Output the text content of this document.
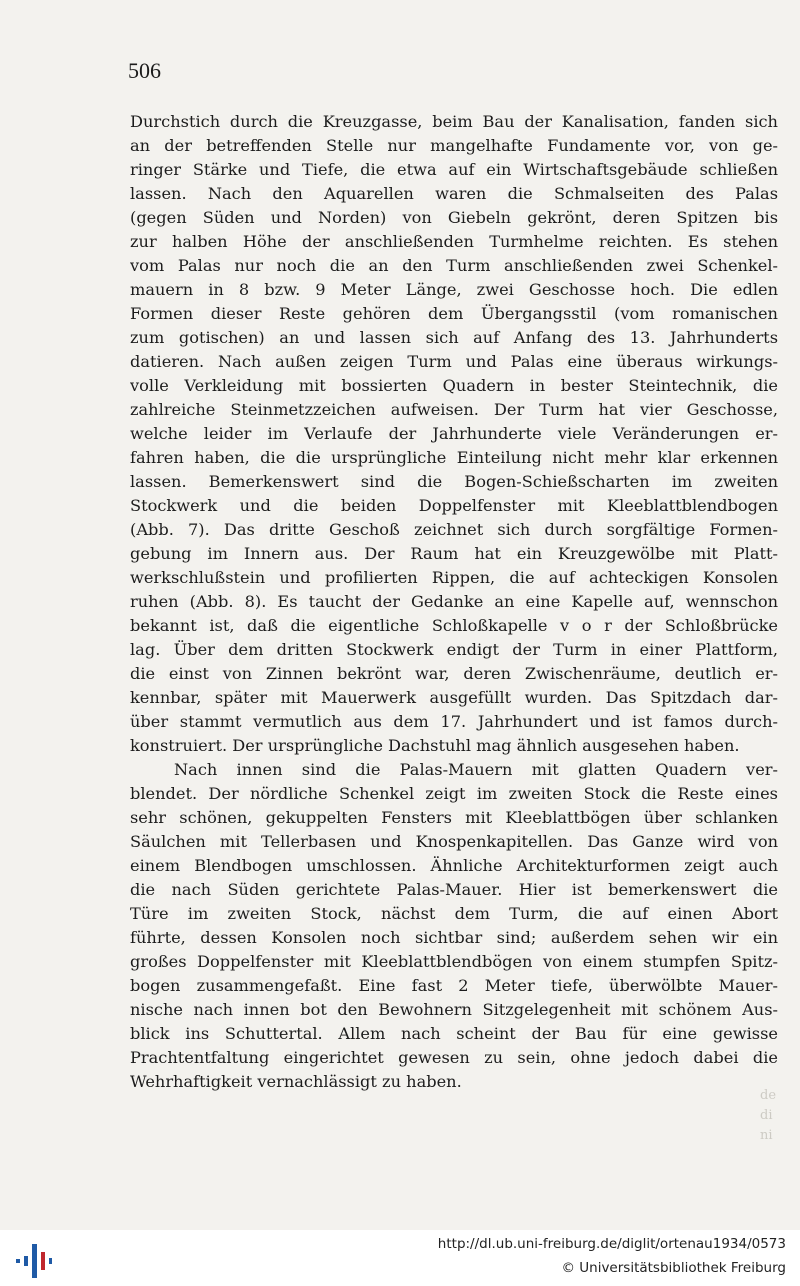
506
Durchstich durch die Kreuzgasse, beim Bau der Kanalisation, fanden sich
an der betreffenden Stelle nur mangelhafte Fundamente vor, von ge-
ringer Stärke und Tiefe, die etwa auf ein Wirtschaftsgebäude schließen
lassen. Nach den Aquarellen waren die Schmalseiten des Palas
(gegen Süden und Norden) von Giebeln gekrönt, deren Spitzen bis
zur halben Höhe der anschließenden Turmhelme reichten. Es stehen
vom Palas nur noch die an den Turm anschließenden zwei Schenkel-
mauern in 8 bzw. 9 Meter Länge, zwei Geschosse hoch. Die edlen
Formen dieser Reste gehören dem Übergangsstil (vom romanischen
zum gotischen) an und lassen sich auf Anfang des 13. Jahrhunderts
datieren. Nach außen zeigen Turm und Palas eine überaus wirkungs-
volle Verkleidung mit bossierten Quadern in bester Steintechnik, die
zahlreiche Steinmetzzeichen aufweisen. Der Turm hat vier Geschosse,
welche leider im Verlaufe der Jahrhunderte viele Veränderungen er-
fahren haben, die die ursprüngliche Einteilung nicht mehr klar erkennen
lassen. Bemerkenswert sind die Bogen-Schießscharten im zweiten
Stockwerk und die beiden Doppelfenster mit Kleeblattblendbogen
(Abb. 7). Das dritte Geschoß zeichnet sich durch sorgfältige Formen-
gebung im Innern aus. Der Raum hat ein Kreuzgewölbe mit Platt-
werkschlußstein und profilierten Rippen, die auf achteckigen Konsolen
ruhen (Abb. 8). Es taucht der Gedanke an eine Kapelle auf, wennschon
bekannt ist, daß die eigentliche Schloßkapelle v o r der Schloßbrücke
lag. Über dem dritten Stockwerk endigt der Turm in einer Plattform,
die einst von Zinnen bekrönt war, deren Zwischenräume, deutlich er-
kennbar, später mit Mauerwerk ausgefüllt wurden. Das Spitzdach dar-
über stammt vermutlich aus dem 17. Jahrhundert und ist famos durch-
konstruiert. Der ursprüngliche Dachstuhl mag ähnlich ausgesehen haben.
Nach innen sind die Palas-Mauern mit glatten Quadern ver-
blendet. Der nördliche Schenkel zeigt im zweiten Stock die Reste eines
sehr schönen, gekuppelten Fensters mit Kleeblattbögen über schlanken
Säulchen mit Tellerbasen und Knospenkapitellen. Das Ganze wird von
einem Blendbogen umschlossen. Ähnliche Architekturformen zeigt auch
die nach Süden gerichtete Palas-Mauer. Hier ist bemerkenswert die
Türe im zweiten Stock, nächst dem Turm, die auf einen Abort
führte, dessen Konsolen noch sichtbar sind; außerdem sehen wir ein
großes Doppelfenster mit Kleeblattblendbögen von einem stumpfen Spitz-
bogen zusammengefaßt. Eine fast 2 Meter tiefe, überwölbte Mauer-
nische nach innen bot den Bewohnern Sitzgelegenheit mit schönem Aus-
blick ins Schuttertal. Allem nach scheint der Bau für eine gewisse
Prachtentfaltung eingerichtet gewesen zu sein, ohne jedoch dabei die
Wehrhaftigkeit vernachlässigt zu haben.
de
di
ni
http://dl.ub.uni-freiburg.de/diglit/ortenau1934/0573
© Universitätsbibliothek Freiburg
